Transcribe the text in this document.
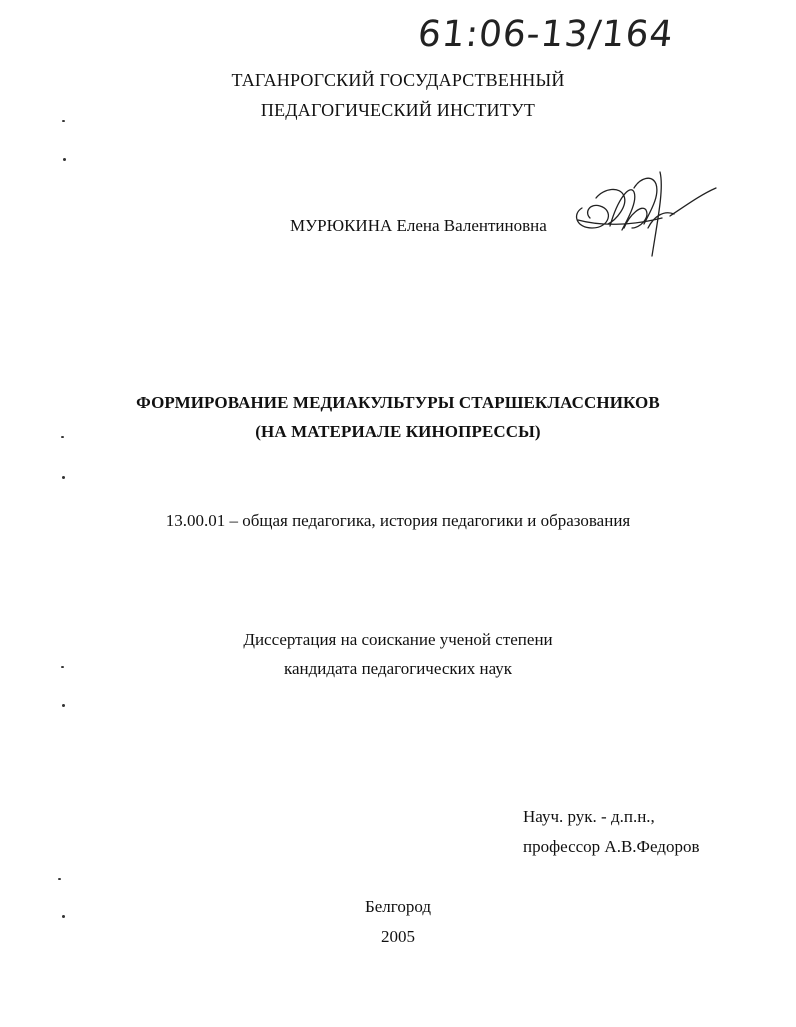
61:06-13/164
ТАГАНРОГСКИЙ ГОСУДАРСТВЕННЫЙ
ПЕДАГОГИЧЕСКИЙ ИНСТИТУТ
МУРЮКИНА Елена Валентиновна
ФОРМИРОВАНИЕ МЕДИАКУЛЬТУРЫ СТАРШЕКЛАССНИКОВ
(НА МАТЕРИАЛЕ КИНОПРЕССЫ)
13.00.01 – общая педагогика, история педагогики и образования
Диссертация на соискание ученой степени
кандидата педагогических наук
Науч. рук. - д.п.н.,
профессор А.В.Федоров
Белгород
2005
